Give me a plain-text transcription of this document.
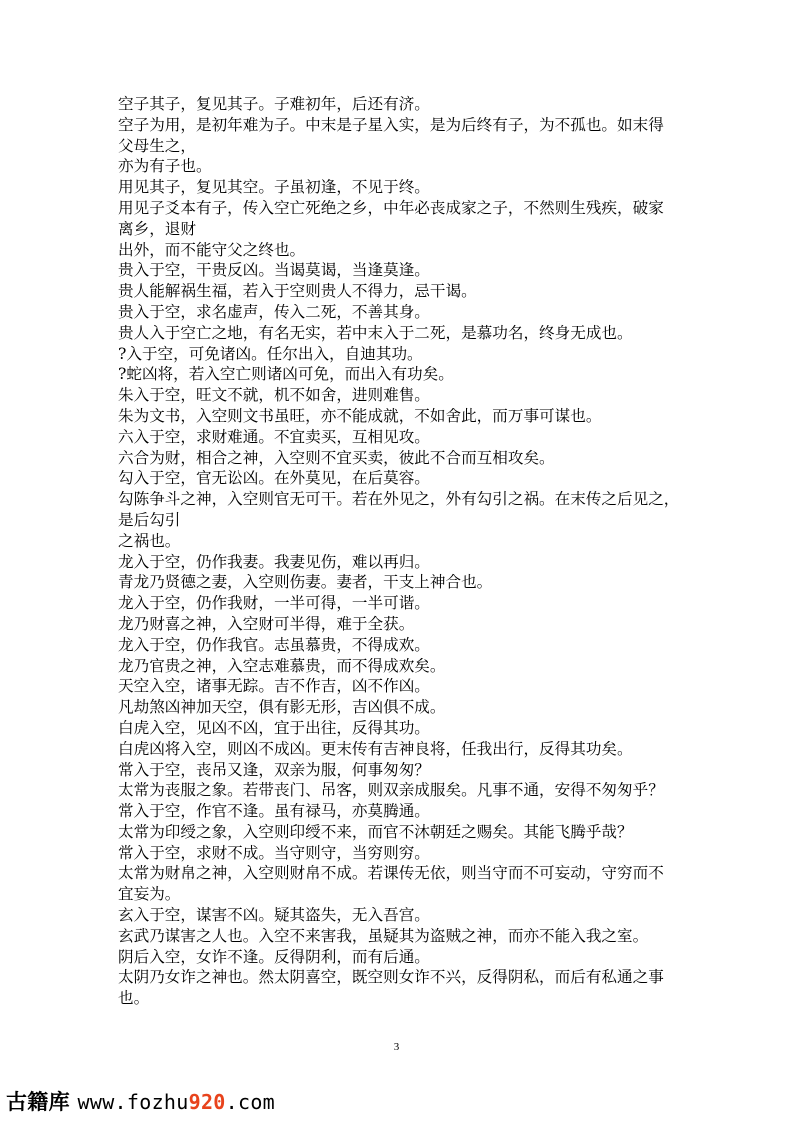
空子其子，复见其子。子难初年，后还有济。
空子为用，是初年难为子。中末是子星入实，是为后终有子，为不孤也。如末得
父母生之，
亦为有子也。
用见其子，复见其空。子虽初逢，不见于终。
用见子爻本有子，传入空亡死绝之乡，中年必丧成家之子，不然则生残疾，破家
离乡，退财
出外，而不能守父之终也。
贵入于空，干贵反凶。当谒莫谒，当逢莫逢。
贵人能解祸生福，若入于空则贵人不得力，忌干谒。
贵入于空，求名虚声，传入二死，不善其身。
贵人入于空亡之地，有名无实，若中末入于二死，是慕功名，终身无成也。
?入于空，可免诸凶。任尔出入，自迪其功。
?蛇凶将，若入空亡则诸凶可免，而出入有功矣。
朱入于空，旺文不就，机不如舍，进则难售。
朱为文书，入空则文书虽旺，亦不能成就，不如舍此，而万事可谋也。
六入于空，求财难通。不宜卖买，互相见攻。
六合为财，相合之神，入空则不宜买卖，彼此不合而互相攻矣。
勾入于空，官无讼凶。在外莫见，在后莫容。
勾陈争斗之神，入空则官无可干。若在外见之，外有勾引之祸。在末传之后见之，
是后勾引
之祸也。
龙入于空，仍作我妻。我妻见伤，难以再归。
青龙乃贤德之妻，入空则伤妻。妻者，干支上神合也。
龙入于空，仍作我财，一半可得，一半可谐。
龙乃财喜之神，入空财可半得，难于全获。
龙入于空，仍作我官。志虽慕贵，不得成欢。
龙乃官贵之神，入空志难慕贵，而不得成欢矣。
天空入空，诸事无踪。吉不作吉，凶不作凶。
凡劫煞凶神加天空，俱有影无形，吉凶俱不成。
白虎入空，见凶不凶，宜于出往，反得其功。
白虎凶将入空，则凶不成凶。更末传有吉神良将，任我出行，反得其功矣。
常入于空，丧吊又逢，双亲为服，何事匆匆？
太常为丧服之象。若带丧门、吊客，则双亲成服矣。凡事不通，安得不匆匆乎？
常入于空，作官不逢。虽有禄马，亦莫腾通。
太常为印绶之象，入空则印绶不来，而官不沐朝廷之赐矣。其能飞腾乎哉？
常入于空，求财不成。当守则守，当穷则穷。
太常为财帛之神，入空则财帛不成。若课传无依，则当守而不可妄动，守穷而不
宜妄为。
玄入于空，谋害不凶。疑其盗失，无入吾宫。
玄武乃谋害之人也。入空不来害我，虽疑其为盗贼之神，而亦不能入我之室。
阴后入空，女诈不逢。反得阴利，而有后通。
太阴乃女诈之神也。然太阴喜空，既空则女诈不兴，反得阴私，而后有私通之事
也。
3
古籍库 www.fozhu920.com
